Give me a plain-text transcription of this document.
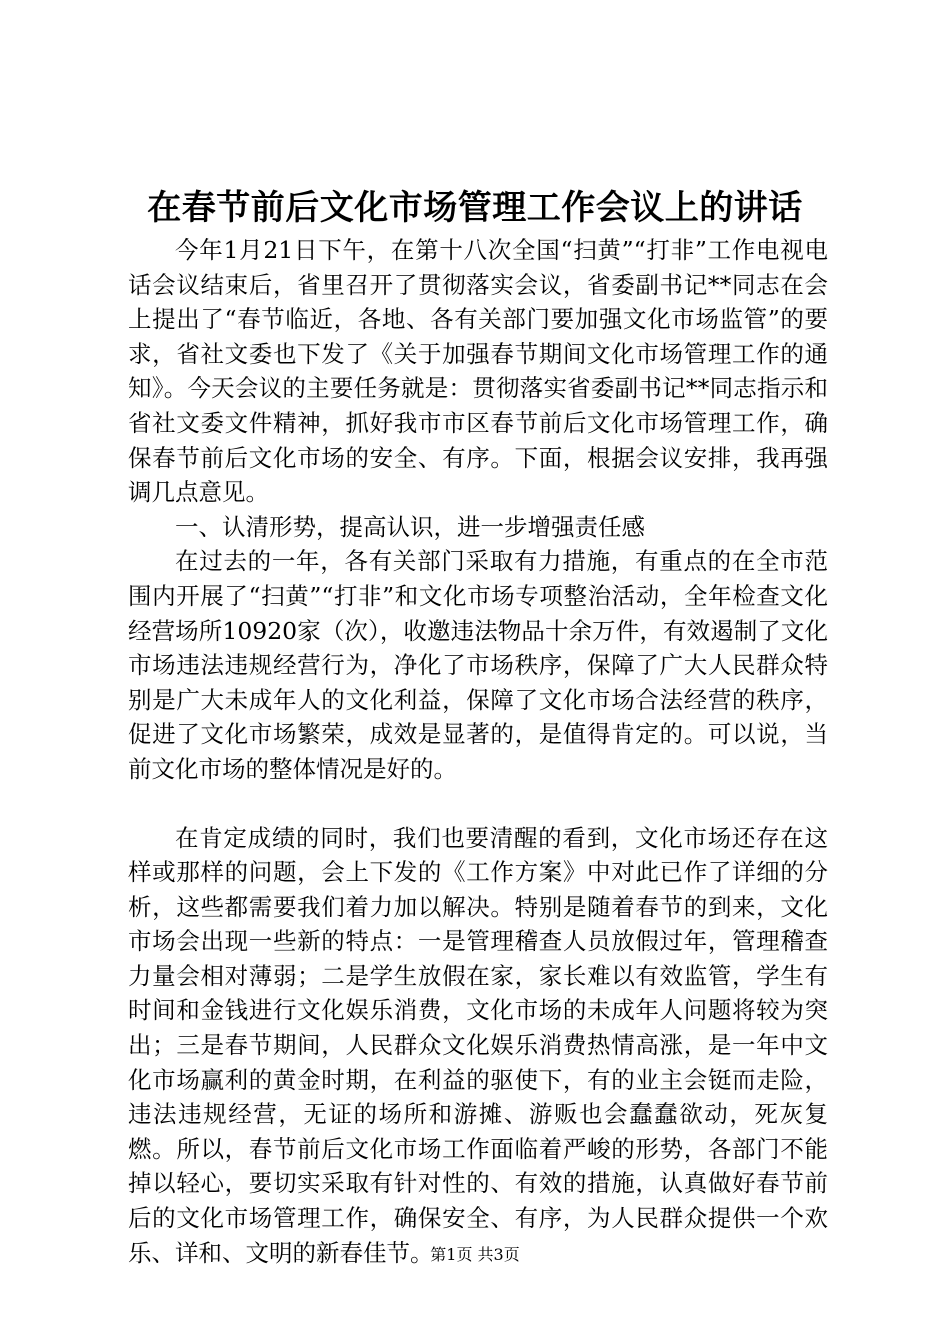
在春节前后文化市场管理工作会议上的讲话

今年1月21日下午，在第十八次全国“扫黄”“打非”工作电视电话会议结束后，省里召开了贯彻落实会议，省委副书记**同志在会上提出了“春节临近，各地、各有关部门要加强文化市场监管”的要求，省社文委也下发了《关于加强春节期间文化市场管理工作的通知》。今天会议的主要任务就是：贯彻落实省委副书记**同志指示和省社文委文件精神，抓好我市市区春节前后文化市场管理工作，确保春节前后文化市场的安全、有序。下面，根据会议安排，我再强调几点意见。

一、认清形势，提高认识，进一步增强责任感

在过去的一年，各有关部门采取有力措施，有重点的在全市范围内开展了“扫黄”“打非”和文化市场专项整治活动，全年检查文化经营场所10920家（次），收邀违法物品十余万件，有效遏制了文化市场违法违规经营行为，净化了市场秩序，保障了广大人民群众特别是广大未成年人的文化利益，保障了文化市场合法经营的秩序，促进了文化市场繁荣，成效是显著的，是值得肯定的。可以说，当前文化市场的整体情况是好的。

在肯定成绩的同时，我们也要清醒的看到，文化市场还存在这样或那样的问题，会上下发的《工作方案》中对此已作了详细的分析，这些都需要我们着力加以解决。特别是随着春节的到来，文化市场会出现一些新的特点：一是管理稽查人员放假过年，管理稽查力量会相对薄弱；二是学生放假在家，家长难以有效监管，学生有时间和金钱进行文化娱乐消费，文化市场的未成年人问题将较为突出；三是春节期间，人民群众文化娱乐消费热情高涨，是一年中文化市场赢利的黄金时期，在利益的驱使下，有的业主会铤而走险，违法违规经营，无证的场所和游摊、游贩也会蠢蠢欲动，死灰复燃。所以，春节前后文化市场工作面临着严峻的形势，各部门不能掉以轻心，要切实采取有针对性的、有效的措施，认真做好春节前后的文化市场管理工作，确保安全、有序，为人民群众提供一个欢乐、详和、文明的新春佳节。

第1页 共3页
